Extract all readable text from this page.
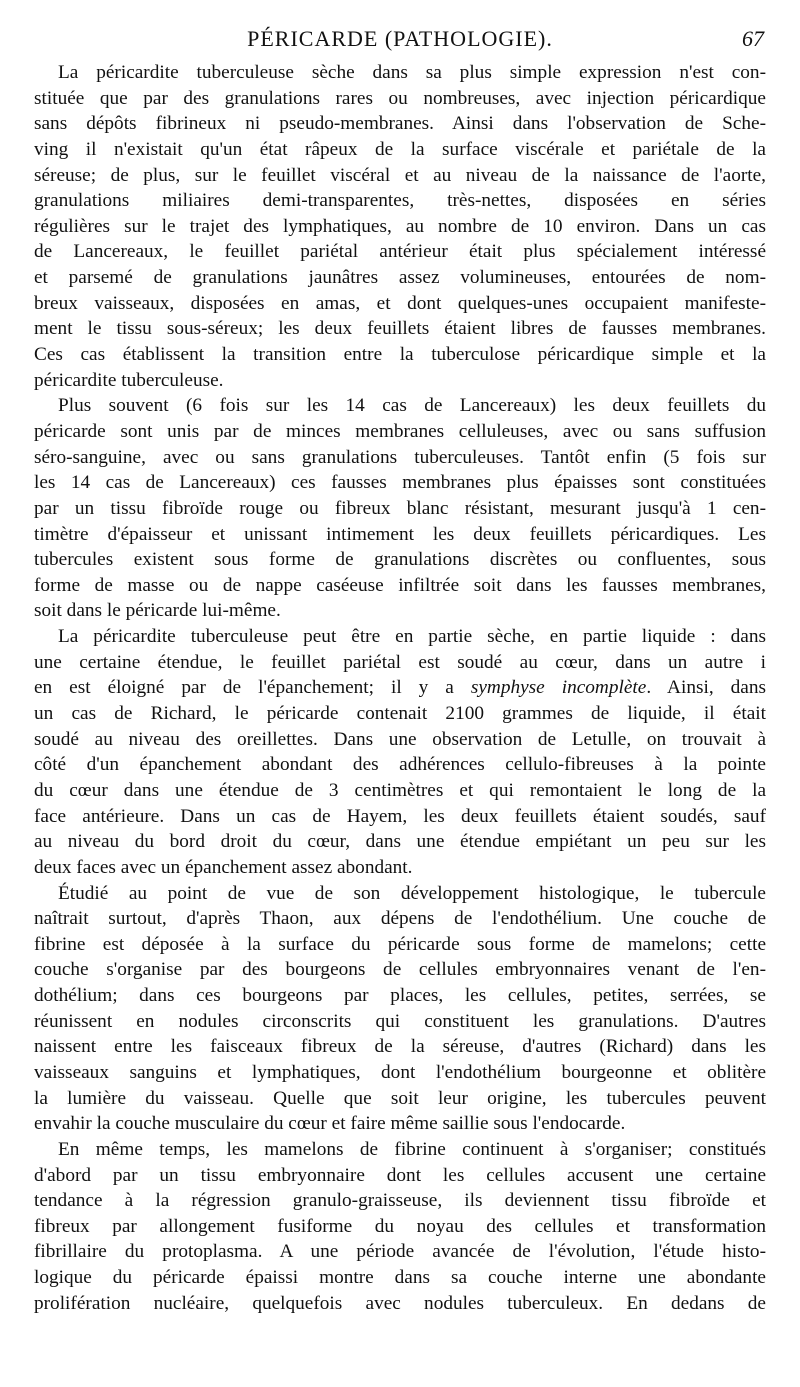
PÉRICARDE (PATHOLOGIE).	67
La péricardite tuberculeuse sèche dans sa plus simple expression n'est con-
stituée que par des granulations rares ou nombreuses, avec injection péricardique
sans dépôts fibrineux ni pseudo-membranes. Ainsi dans l'observation de Sche-
ving il n'existait qu'un état râpeux de la surface viscérale et pariétale de la
séreuse; de plus, sur le feuillet viscéral et au niveau de la naissance de l'aorte,
granulations miliaires demi-transparentes, très-nettes, disposées en séries
régulières sur le trajet des lymphatiques, au nombre de 10 environ. Dans un cas
de Lancereaux, le feuillet pariétal antérieur était plus spécialement intéressé
et parsemé de granulations jaunâtres assez volumineuses, entourées de nom-
breux vaisseaux, disposées en amas, et dont quelques-unes occupaient manifeste-
ment le tissu sous-séreux; les deux feuillets étaient libres de fausses membranes.
Ces cas établissent la transition entre la tuberculose péricardique simple et la
péricardite tuberculeuse.
Plus souvent (6 fois sur les 14 cas de Lancereaux) les deux feuillets du
péricarde sont unis par de minces membranes celluleuses, avec ou sans suffusion
séro-sanguine, avec ou sans granulations tuberculeuses. Tantôt enfin (5 fois sur
les 14 cas de Lancereaux) ces fausses membranes plus épaisses sont constituées
par un tissu fibroïde rouge ou fibreux blanc résistant, mesurant jusqu'à 1 cen-
timètre d'épaisseur et unissant intimement les deux feuillets péricardiques. Les
tubercules existent sous forme de granulations discrètes ou confluentes, sous
forme de masse ou de nappe caséeuse infiltrée soit dans les fausses membranes,
soit dans le péricarde lui-même.
La péricardite tuberculeuse peut être en partie sèche, en partie liquide : dans
une certaine étendue, le feuillet pariétal est soudé au cœur, dans un autre i
en est éloigné par de l'épanchement; il y a symphyse incomplète. Ainsi, dans
un cas de Richard, le péricarde contenait 2100 grammes de liquide, il était
soudé au niveau des oreillettes. Dans une observation de Letulle, on trouvait à
côté d'un épanchement abondant des adhérences cellulo-fibreuses à la pointe
du cœur dans une étendue de 3 centimètres et qui remontaient le long de la
face antérieure. Dans un cas de Hayem, les deux feuillets étaient soudés, sauf
au niveau du bord droit du cœur, dans une étendue empiétant un peu sur les
deux faces avec un épanchement assez abondant.
Étudié au point de vue de son développement histologique, le tubercule
naîtrait surtout, d'après Thaon, aux dépens de l'endothélium. Une couche de
fibrine est déposée à la surface du péricarde sous forme de mamelons; cette
couche s'organise par des bourgeons de cellules embryonnaires venant de l'en-
dothélium; dans ces bourgeons par places, les cellules, petites, serrées, se
réunissent en nodules circonscrits qui constituent les granulations. D'autres
naissent entre les faisceaux fibreux de la séreuse, d'autres (Richard) dans les
vaisseaux sanguins et lymphatiques, dont l'endothélium bourgeonne et oblitère
la lumière du vaisseau. Quelle que soit leur origine, les tubercules peuvent
envahir la couche musculaire du cœur et faire même saillie sous l'endocarde.
En même temps, les mamelons de fibrine continuent à s'organiser; constitués
d'abord par un tissu embryonnaire dont les cellules accusent une certaine
tendance à la régression granulo-graisseuse, ils deviennent tissu fibroïde et
fibreux par allongement fusiforme du noyau des cellules et transformation
fibrillaire du protoplasma. A une période avancée de l'évolution, l'étude histo-
logique du péricarde épaissi montre dans sa couche interne une abondante
prolifération nucléaire, quelquefois avec nodules tuberculeux. En dedans de
